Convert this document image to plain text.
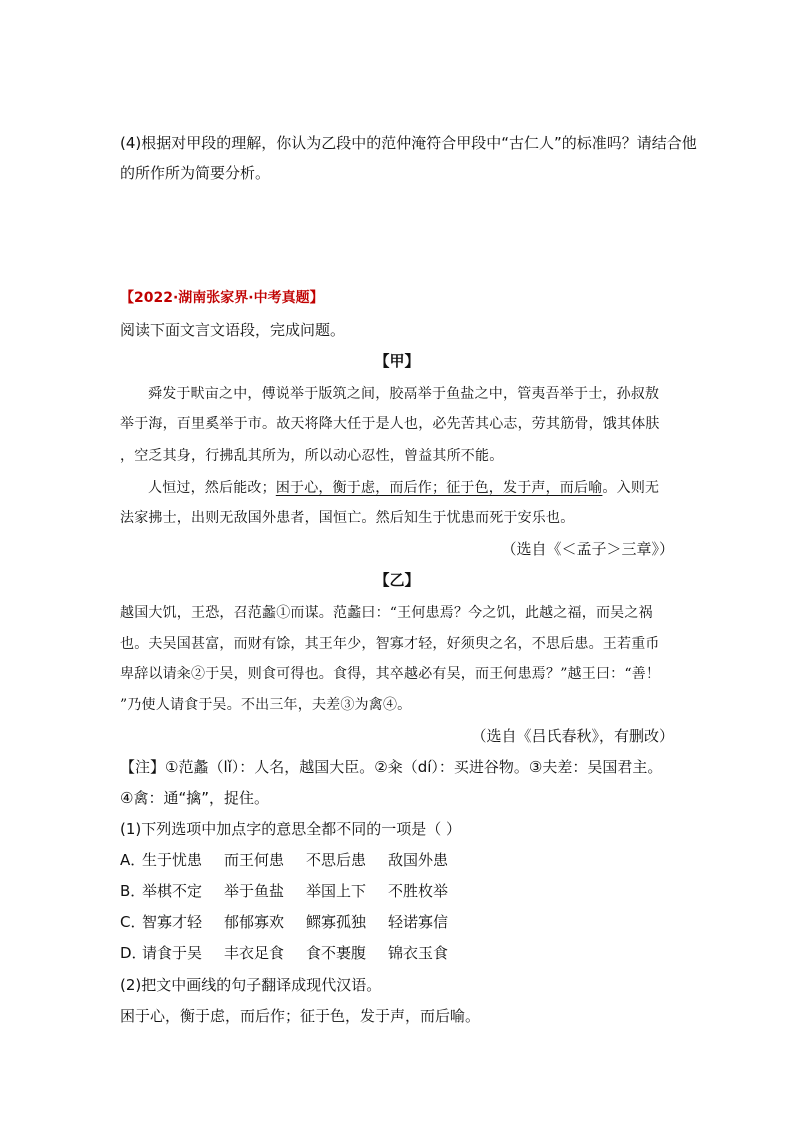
(4)根据对甲段的理解，你认为乙段中的范仲淹符合甲段中“古仁人”的标准吗？请结合他
的所作所为简要分析。
【2022·湖南张家界·中考真题】
阅读下面文言文语段，完成问题。
【甲】
舜发于畎亩之中，傅说举于版筑之间，胶鬲举于鱼盐之中，管夷吾举于士，孙叔敖
举于海，百里奚举于市。故天将降大任于是人也，必先苦其心志，劳其筋骨，饿其体肤
，空乏其身，行拂乱其所为，所以动心忍性，曾益其所不能。
人恒过，然后能改；困于心，衡于虑，而后作；征于色，发于声，而后喻。入则无
法家拂士，出则无敌国外患者，国恒亡。然后知生于忧患而死于安乐也。
（选自《＜孟子＞三章》）
【乙】
越国大饥，王恐，召范蠡①而谋。范蠡曰：“王何患焉？今之饥，此越之福，而吴之祸
也。夫吴国甚富，而财有馀，其王年少，智寡才轻，好须臾之名，不思后患。王若重币
卑辞以请籴②于吴，则食可得也。食得，其卒越必有吴，而王何患焉？”越王曰：“善！
”乃使人请食于吴。不出三年，夫差③为禽④。
（选自《吕氏春秋》，有删改）
【注】①范蠡（lǐ）：人名，越国大臣。②籴（dí）：买进谷物。③夫差：吴国君主。
④禽：通“擒”，捉住。
(1)下列选项中加点字的意思全都不同的一项是（ ）
A．生于忧患 而王何患 不思后患 敌国外患
B．举棋不定 举于鱼盐 举国上下 不胜枚举
C．智寡才轻 郁郁寡欢 鳏寡孤独 轻诺寡信
D．请食于吴 丰衣足食 食不裹腹 锦衣玉食
(2)把文中画线的句子翻译成现代汉语。
困于心，衡于虑，而后作；征于色，发于声，而后喻。
